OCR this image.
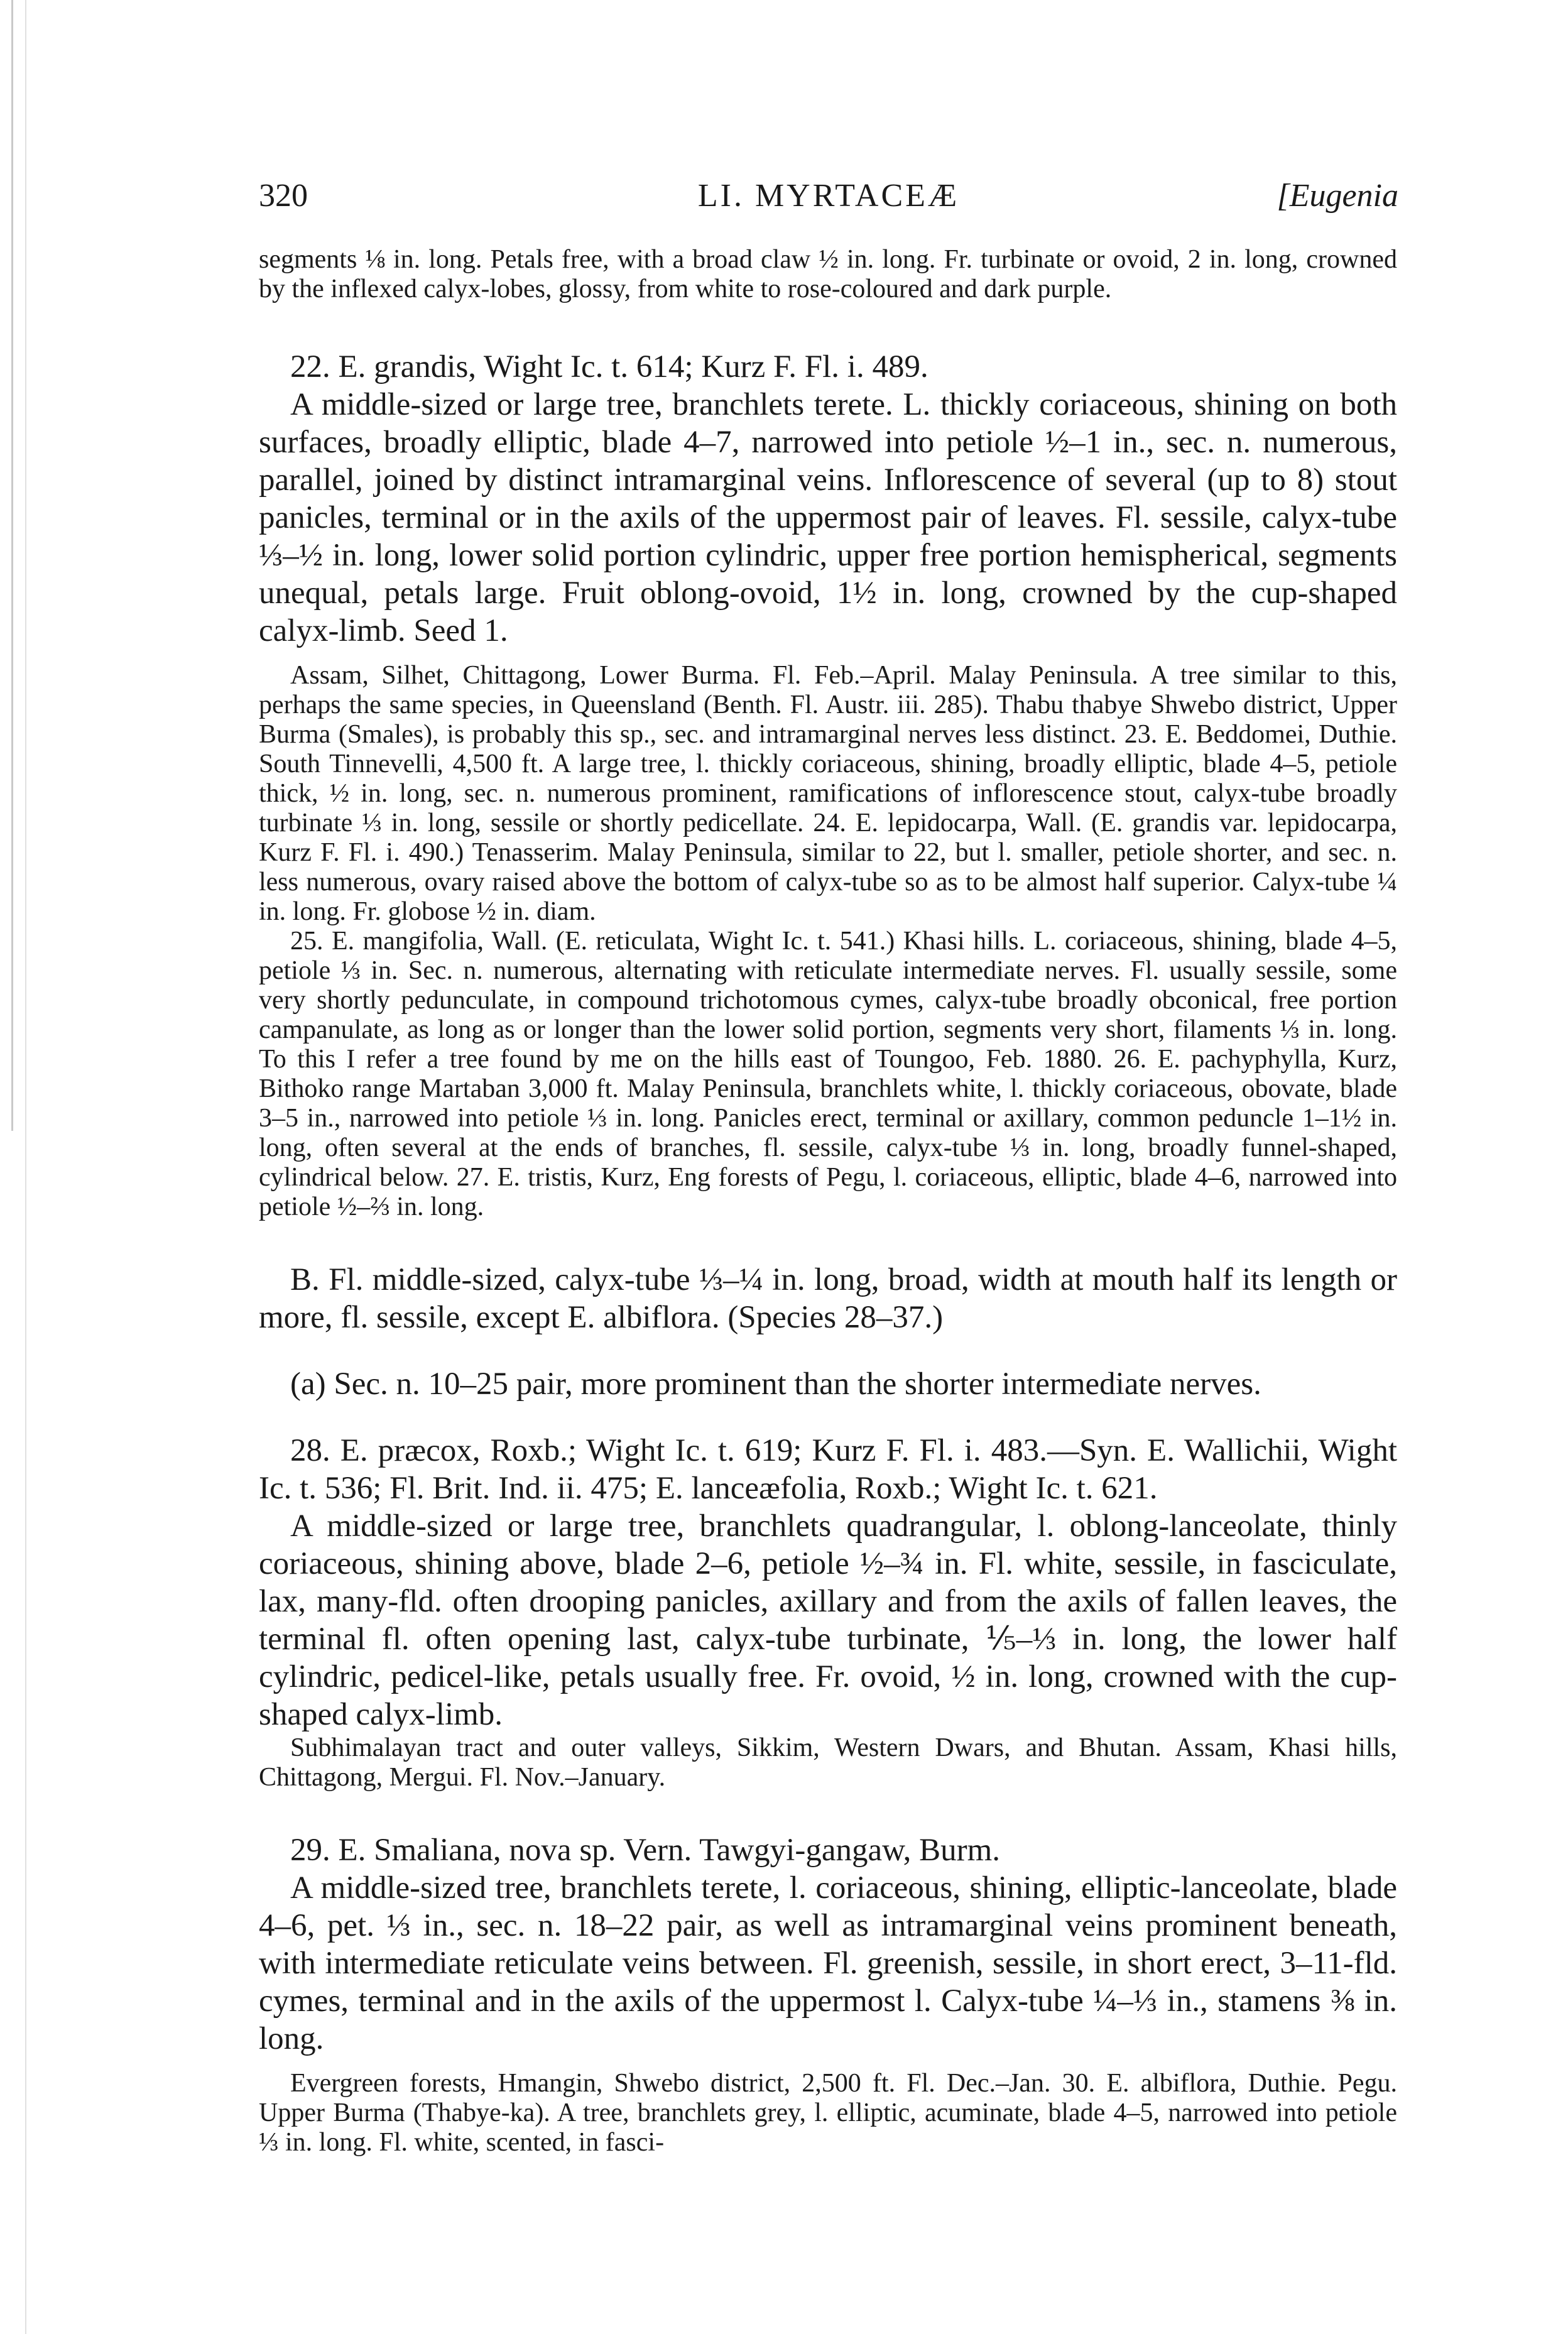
320	LI. MYRTACEÆ	[Eugenia

segments ⅛ in. long. Petals free, with a broad claw ½ in. long. Fr. turbinate or ovoid, 2 in. long, crowned by the inflexed calyx-lobes, glossy, from white to rose-coloured and dark purple.

22. E. grandis, Wight Ic. t. 614; Kurz F. Fl. i. 489.

A middle-sized or large tree, branchlets terete. L. thickly coriaceous, shining on both surfaces, broadly elliptic, blade 4–7, narrowed into petiole ½–1 in., sec. n. numerous, parallel, joined by distinct intramarginal veins. Inflorescence of several (up to 8) stout panicles, terminal or in the axils of the uppermost pair of leaves. Fl. sessile, calyx-tube ⅓–½ in. long, lower solid portion cylindric, upper free portion hemispherical, segments unequal, petals large. Fruit oblong-ovoid, 1½ in. long, crowned by the cup-shaped calyx-limb. Seed 1.

Assam, Silhet, Chittagong, Lower Burma. Fl. Feb.–April. Malay Peninsula. A tree similar to this, perhaps the same species, in Queensland (Benth. Fl. Austr. iii. 285). Thabu thabye Shwebo district, Upper Burma (Smales), is probably this sp., sec. and intramarginal nerves less distinct. 23. E. Beddomei, Duthie. South Tinnevelli, 4,500 ft. A large tree, l. thickly coriaceous, shining, broadly elliptic, blade 4–5, petiole thick, ½ in. long, sec. n. numerous prominent, ramifications of inflorescence stout, calyx-tube broadly turbinate ⅓ in. long, sessile or shortly pedicellate. 24. E. lepidocarpa, Wall. (E. grandis var. lepidocarpa, Kurz F. Fl. i. 490.) Tenasserim. Malay Peninsula, similar to 22, but l. smaller, petiole shorter, and sec. n. less numerous, ovary raised above the bottom of calyx-tube so as to be almost half superior. Calyx-tube ¼ in. long. Fr. globose ½ in. diam.

25. E. mangifolia, Wall. (E. reticulata, Wight Ic. t. 541.) Khasi hills. L. coriaceous, shining, blade 4–5, petiole ⅓ in. Sec. n. numerous, alternating with reticulate intermediate nerves. Fl. usually sessile, some very shortly pedunculate, in compound trichotomous cymes, calyx-tube broadly obconical, free portion campanulate, as long as or longer than the lower solid portion, segments very short, filaments ⅓ in. long. To this I refer a tree found by me on the hills east of Toungoo, Feb. 1880. 26. E. pachyphylla, Kurz, Bithoko range Martaban 3,000 ft. Malay Peninsula, branchlets white, l. thickly coriaceous, obovate, blade 3–5 in., narrowed into petiole ⅓ in. long. Panicles erect, terminal or axillary, common peduncle 1–1½ in. long, often several at the ends of branches, fl. sessile, calyx-tube ⅓ in. long, broadly funnel-shaped, cylindrical below. 27. E. tristis, Kurz, Eng forests of Pegu, l. coriaceous, elliptic, blade 4–6, narrowed into petiole ½–⅔ in. long.

B. Fl. middle-sized, calyx-tube ⅓–¼ in. long, broad, width at mouth half its length or more, fl. sessile, except E. albiflora. (Species 28–37.)

(a) Sec. n. 10–25 pair, more prominent than the shorter intermediate nerves.

28. E. præcox, Roxb.; Wight Ic. t. 619; Kurz F. Fl. i. 483.—Syn. E. Wallichii, Wight Ic. t. 536; Fl. Brit. Ind. ii. 475; E. lanceæfolia, Roxb.; Wight Ic. t. 621.

A middle-sized or large tree, branchlets quadrangular, l. oblong-lanceolate, thinly coriaceous, shining above, blade 2–6, petiole ½–¾ in. Fl. white, sessile, in fasciculate, lax, many-fld. often drooping panicles, axillary and from the axils of fallen leaves, the terminal fl. often opening last, calyx-tube turbinate, ⅕–⅓ in. long, the lower half cylindric, pedicel-like, petals usually free. Fr. ovoid, ½ in. long, crowned with the cup-shaped calyx-limb.

Subhimalayan tract and outer valleys, Sikkim, Western Dwars, and Bhutan. Assam, Khasi hills, Chittagong, Mergui. Fl. Nov.–January.

29. E. Smaliana, nova sp. Vern. Tawgyi-gangaw, Burm.

A middle-sized tree, branchlets terete, l. coriaceous, shining, elliptic-lanceolate, blade 4–6, pet. ⅓ in., sec. n. 18–22 pair, as well as intramarginal veins prominent beneath, with intermediate reticulate veins between. Fl. greenish, sessile, in short erect, 3–11-fld. cymes, terminal and in the axils of the uppermost l. Calyx-tube ¼–⅓ in., stamens ⅜ in. long.

Evergreen forests, Hmangin, Shwebo district, 2,500 ft. Fl. Dec.–Jan. 30. E. albiflora, Duthie. Pegu. Upper Burma (Thabye-ka). A tree, branchlets grey, l. elliptic, acuminate, blade 4–5, narrowed into petiole ⅓ in. long. Fl. white, scented, in fasci-
